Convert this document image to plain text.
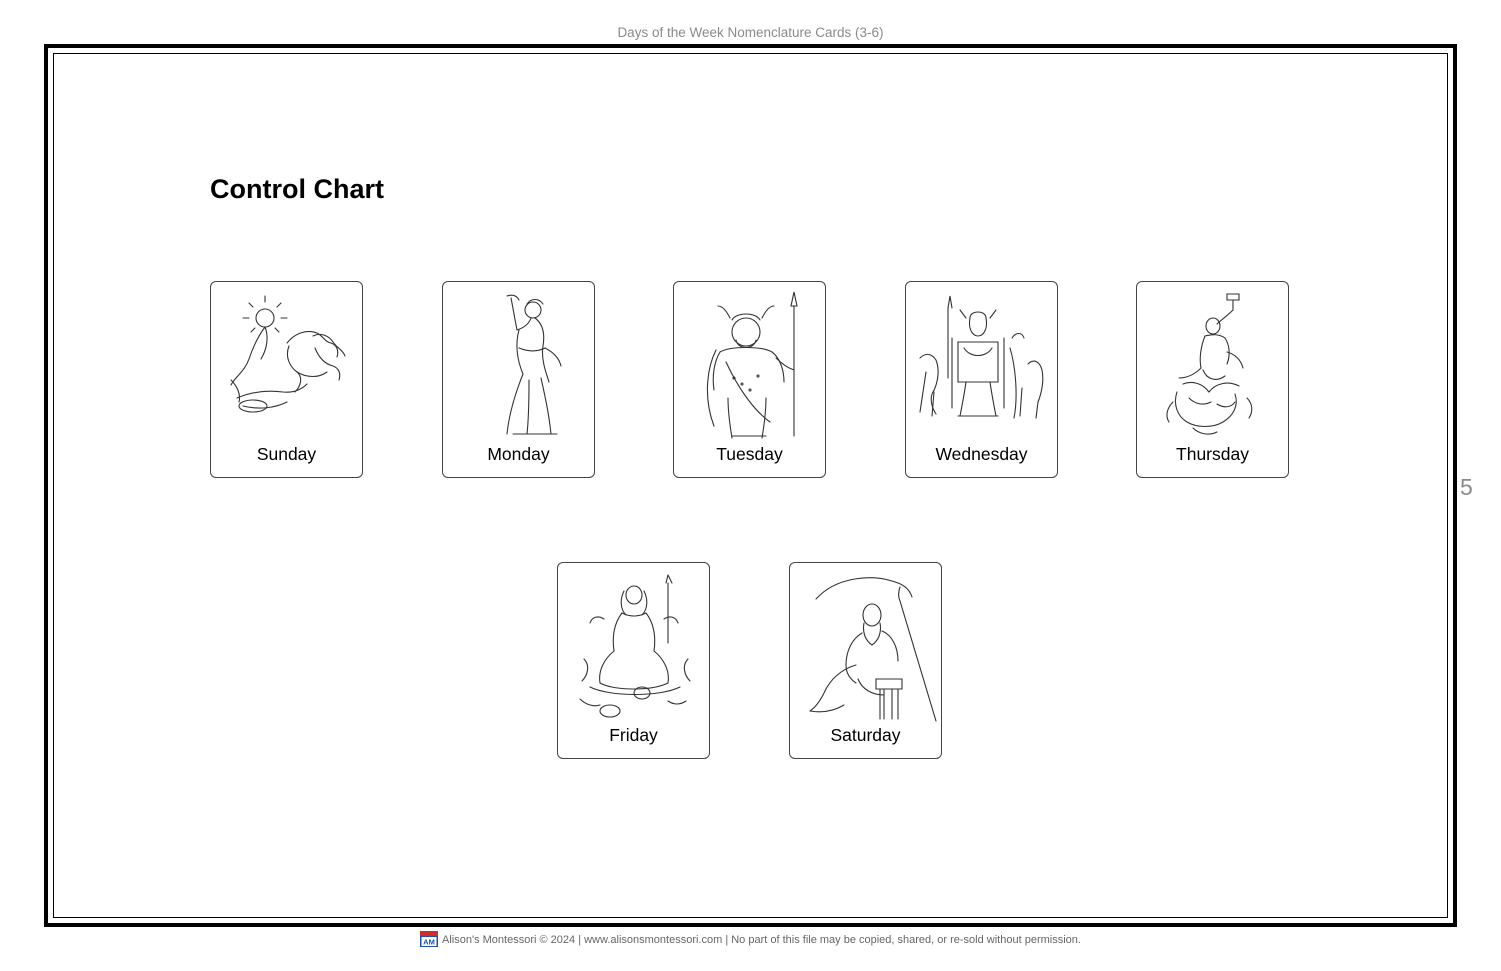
Days of the Week Nomenclature Cards (3-6)
5
Control Chart
Sunday	Monday	Tuesday	Wednesday	Thursday
Friday	Saturday
AM Alison's Montessori © 2024 | www.alisonsmontessori.com | No part of this file may be copied, shared, or re-sold without permission.
